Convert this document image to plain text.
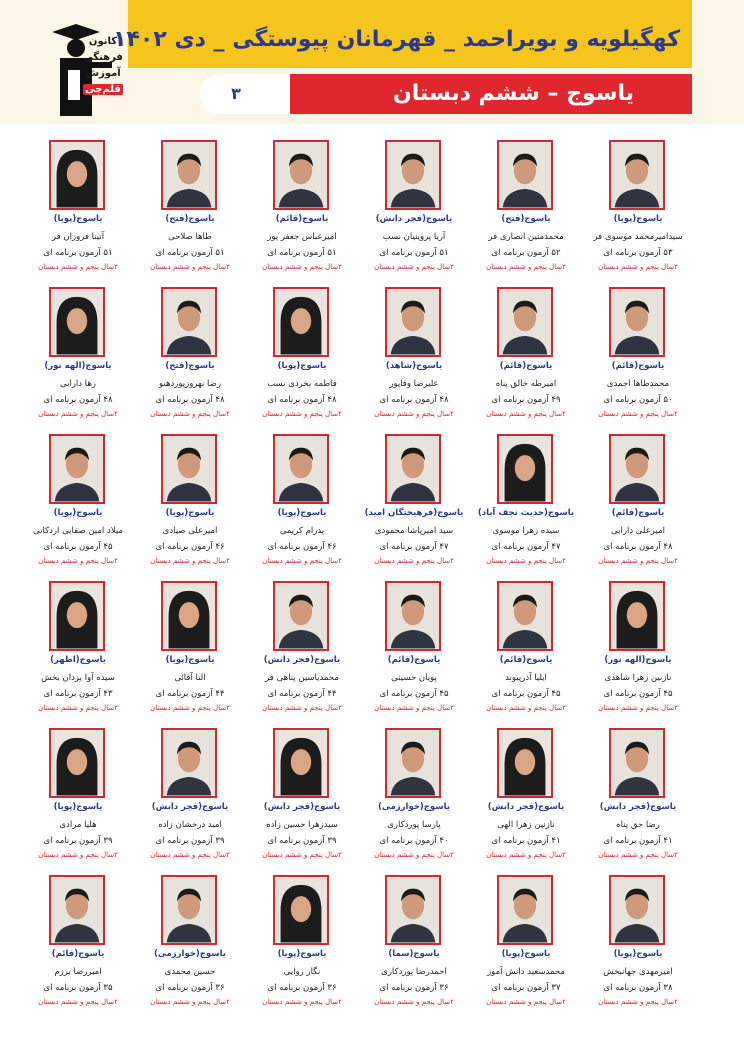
کهگیلویه و بویراحمد _ قهرمانان پیوستگی _ دی ۱۴۰۲
۳	یاسوج – ششم دبستان
کانون
فرهنگی
آموزش
قلم‌چی
یاسوج(پویا)
سیدامیرمحمد موسوی فر
۵۳ آزمون برنامه ای
۲سال پنجم و ششم دبستان
یاسوج(فتح)
محمدمتین انصاری فر
۵۲ آزمون برنامه ای
۲سال پنجم و ششم دبستان
یاسوج(فجر دانش)
آریا پروینیان نسب
۵۱ آزمون برنامه ای
۲سال پنجم و ششم دبستان
یاسوج(قائم)
امیرعباس جعفر پور
۵۱ آزمون برنامه ای
۲سال پنجم و ششم دبستان
یاسوج(فتح)
طاها صلاحی
۵۱ آزمون برنامه ای
۲سال پنجم و ششم دبستان
یاسوج(پویا)
آتینا فروزان فر
۵۱ آزمون برنامه ای
۲سال پنجم و ششم دبستان
یاسوج(قائم)
محمدطاها احمدی
۵۰ آزمون برنامه ای
۲سال پنجم و ششم دبستان
یاسوج(قائم)
امیرطه خالق پناه
۴۹ آزمون برنامه ای
۲سال پنجم و ششم دبستان
یاسوج(شاهد)
علیرضا وفاپور
۴۸ آزمون برنامه ای
۲سال پنجم و ششم دبستان
یاسوج(پویا)
فاطمه بخردی نسب
۴۸ آزمون برنامه ای
۲سال پنجم و ششم دبستان
یاسوج(فتح)
رضا بهروزپوردهنو
۴۸ آزمون برنامه ای
۲سال پنجم و ششم دبستان
یاسوج(الهه نور)
رها دارابی
۴۸ آزمون برنامه ای
۲سال پنجم و ششم دبستان
یاسوج(قائم)
امیرعلی دارابی
۴۸ آزمون برنامه ای
۲سال پنجم و ششم دبستان
یاسوج(حدیث نجف آباد)
سیده زهرا موسوی
۴۷ آزمون برنامه ای
۲سال پنجم و ششم دبستان
یاسوج(فرهیختگان امید)
سید امیرپاشا محمودی
۴۷ آزمون برنامه ای
۲سال پنجم و ششم دبستان
یاسوج(پویا)
پدرام کریمی
۴۶ آزمون برنامه ای
۲سال پنجم و ششم دبستان
یاسوج(پویا)
امیرعلی صیادی
۴۶ آزمون برنامه ای
۲سال پنجم و ششم دبستان
یاسوج(پویا)
میلاد امین صفایی اردکانی
۴۵ آزمون برنامه ای
۲سال پنجم و ششم دبستان
یاسوج(الهه نور)
نازنین زهرا شاهدی
۴۵ آزمون برنامه ای
۲سال پنجم و ششم دبستان
یاسوج(قائم)
ایلیا آذرپیوند
۴۵ آزمون برنامه ای
۲سال پنجم و ششم دبستان
یاسوج(قائم)
پویان حسینی
۴۵ آزمون برنامه ای
۲سال پنجم و ششم دبستان
یاسوج(فجر دانش)
محمدیاسین پناهی فر
۴۴ آزمون برنامه ای
۲سال پنجم و ششم دبستان
یاسوج(پویا)
النا آقائی
۴۴ آزمون برنامه ای
۲سال پنجم و ششم دبستان
یاسوج(اطهر)
سیده آوا یزدان بخش
۴۳ آزمون برنامه ای
۲سال پنجم و ششم دبستان
یاسوج(فجر دانش)
رضا حق پناه
۴۱ آزمون برنامه ای
۲سال پنجم و ششم دبستان
یاسوج(فجر دانش)
نازنین زهرا الهی
۴۱ آزمون برنامه ای
۲سال پنجم و ششم دبستان
یاسوج(خوارزمی)
پارسا پوردکاری
۴۰ آزمون برنامه ای
۲سال پنجم و ششم دبستان
یاسوج(فجر دانش)
سیدزهرا حسین زاده
۳۹ آزمون برنامه ای
۲سال پنجم و ششم دبستان
یاسوج(فجر دانش)
امید درخشان زاده
۳۹ آزمون برنامه ای
۲سال پنجم و ششم دبستان
یاسوج(پویا)
هلیا مرادی
۳۹ آزمون برنامه ای
۲سال پنجم و ششم دبستان
یاسوج(پویا)
امیرمهدی جهانبخش
۳۸ آزمون برنامه ای
۲سال پنجم و ششم دبستان
یاسوج(پویا)
محمدسعید دانش آموز
۳۷ آزمون برنامه ای
۲سال پنجم و ششم دبستان
یاسوج(سما)
احمدرضا پوردکاری
۳۶ آزمون برنامه ای
۲سال پنجم و ششم دبستان
یاسوج(پویا)
نگار روایی
۳۶ آزمون برنامه ای
۲سال پنجم و ششم دبستان
یاسوج(خوارزمی)
حسین محمدی
۳۶ آزمون برنامه ای
۲سال پنجم و ششم دبستان
یاسوج(قائم)
امیررضا برزم
۳۵ آزمون برنامه ای
۲سال پنجم و ششم دبستان
